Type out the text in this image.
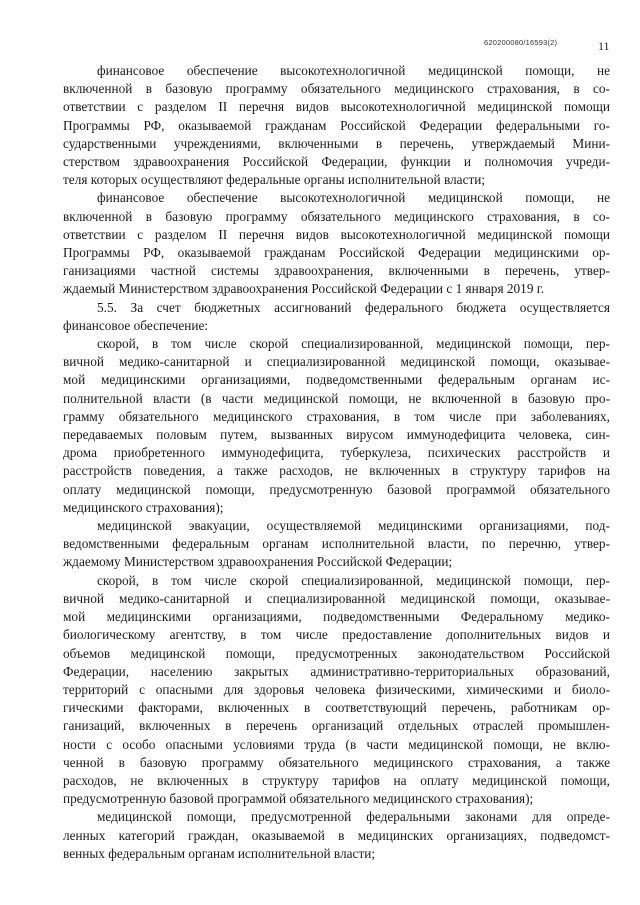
620200080/16593(2)	11

финансовое обеспечение высокотехнологичной медицинской помощи, не
включенной в базовую программу обязательного медицинского страхования, в со-
ответствии с разделом II перечня видов высокотехнологичной медицинской помощи
Программы РФ, оказываемой гражданам Российской Федерации федеральными го-
сударственными учреждениями, включенными в перечень, утверждаемый Мини-
стерством здравоохранения Российской Федерации, функции и полномочия учреди-
теля которых осуществляют федеральные органы исполнительной власти;

финансовое обеспечение высокотехнологичной медицинской помощи, не
включенной в базовую программу обязательного медицинского страхования, в со-
ответствии с разделом II перечня видов высокотехнологичной медицинской помощи
Программы РФ, оказываемой гражданам Российской Федерации медицинскими ор-
ганизациями частной системы здравоохранения, включенными в перечень, утвер-
ждаемый Министерством здравоохранения Российской Федерации с 1 января 2019 г.

5.5. За счет бюджетных ассигнований федерального бюджета осуществляется
финансовое обеспечение:

скорой, в том числе скорой специализированной, медицинской помощи, пер-
вичной медико-санитарной и специализированной медицинской помощи, оказывае-
мой медицинскими организациями, подведомственными федеральным органам ис-
полнительной власти (в части медицинской помощи, не включенной в базовую про-
грамму обязательного медицинского страхования, в том числе при заболеваниях,
передаваемых половым путем, вызванных вирусом иммунодефицита человека, син-
дрома приобретенного иммунодефицита, туберкулеза, психических расстройств и
расстройств поведения, а также расходов, не включенных в структуру тарифов на
оплату медицинской помощи, предусмотренную базовой программой обязательного
медицинского страхования);

медицинской эвакуации, осуществляемой медицинскими организациями, под-
ведомственными федеральным органам исполнительной власти, по перечню, утвер-
ждаемому Министерством здравоохранения Российской Федерации;

скорой, в том числе скорой специализированной, медицинской помощи, пер-
вичной медико-санитарной и специализированной медицинской помощи, оказывае-
мой медицинскими организациями, подведомственными Федеральному медико-
биологическому агентству, в том числе предоставление дополнительных видов и
объемов медицинской помощи, предусмотренных законодательством Российской
Федерации, населению закрытых административно-территориальных образований,
территорий с опасными для здоровья человека физическими, химическими и биоло-
гическими факторами, включенных в соответствующий перечень, работникам ор-
ганизаций, включенных в перечень организаций отдельных отраслей промышлен-
ности с особо опасными условиями труда (в части медицинской помощи, не вклю-
ченной в базовую программу обязательного медицинского страхования, а также
расходов, не включенных в структуру тарифов на оплату медицинской помощи,
предусмотренную базовой программой обязательного медицинского страхования);

медицинской помощи, предусмотренной федеральными законами для опреде-
ленных категорий граждан, оказываемой в медицинских организациях, подведомст-
венных федеральным органам исполнительной власти;
